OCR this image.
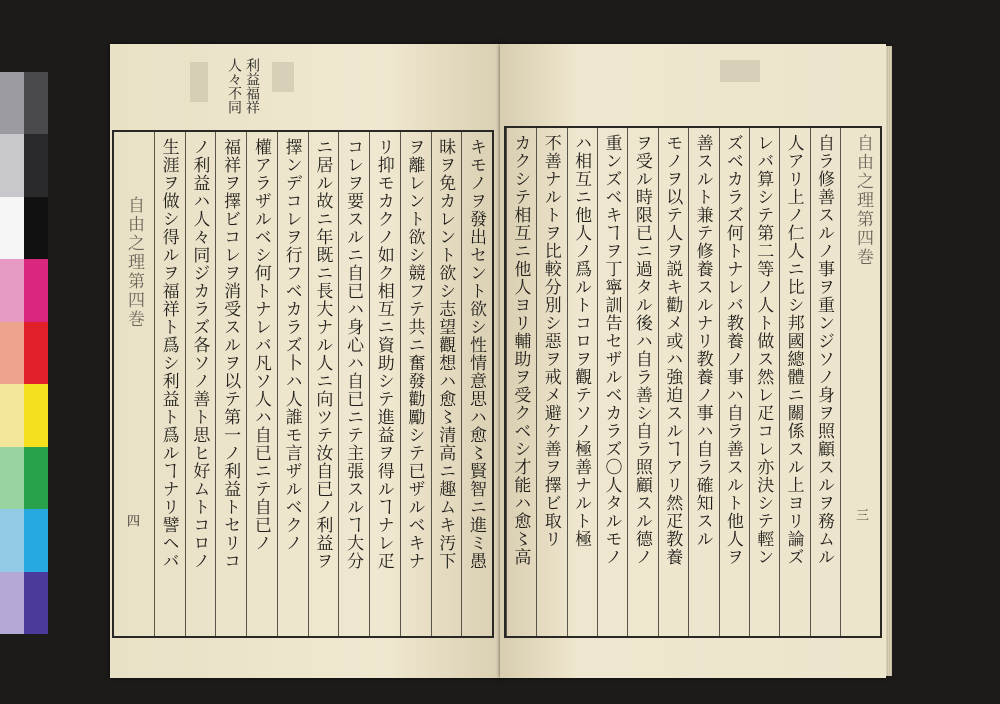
利益福祥
人々不同
自由之理第四巻
四
自由之理第四巻
三
キモノヲ發出セント欲シ性情意思ハ愈〻賢智ニ進ミ愚
昧ヲ免カレント欲シ志望觀想ハ愈〻清高ニ趣ムキ汚下
ヲ離レント欲シ競フテ共ニ奮發勸勵シテ已ザルベキナ
リ抑モカクノ如ク相互ニ資助シテ進益ヲ得ルヿナレ疋
コレヲ要スルニ自已ハ身心ハ自已ニテ主張スルヿ大分
ニ居ル故ニ年既ニ長大ナル人ニ向ツテ汝自已ノ利益ヲ
擇ンデコレヲ行フベカラズ卜ハ人誰モ言ザルベクノ
權アラザルベシ何トナレバ凡ソ人ハ自已ニテ自已ノ
福祥ヲ擇ビコレヲ消受スルヲ以テ第一ノ利益トセリコ
ノ利益ハ人々同ジカラズ各ソノ善ト思ヒ好ムトコロノ
生涯ヲ做シ得ルヲ福祥ト爲シ利益ト爲ルヿナリ譬ヘバ	自ラ修善スルノ事ヲ重ンジソノ身ヲ照顧スルヲ務ムル
人アリ上ノ仁人ニ比シ邦國總體ニ關係スル上ヨリ論ズ
レバ算シテ第二等ノ人ト做ス然レ疋コレ亦決シテ輕ン
ズベカラズ何トナレバ教養ノ事ハ自ラ善スルト他人ヲ
善スルト兼テ修養スルナリ教養ノ事ハ自ラ確知スル
モノヲ以テ人ヲ説キ勸メ或ハ強迫スルヿアリ然疋教養
ヲ受ル時限已ニ過タル後ハ自ラ善シ自ラ照顧スル德ノ
重ンズベキヿヲ丁寧訓告セザルベカラズ〇人タルモノ
ハ相互ニ他人ノ爲ルトコロヲ觀テソノ極善ナルト極
不善ナルトヲ比較分別シ惡ヲ戒メ避ケ善ヲ擇ビ取リ
カクシテ相互ニ他人ヨリ輔助ヲ受クベシ才能ハ愈〻高
